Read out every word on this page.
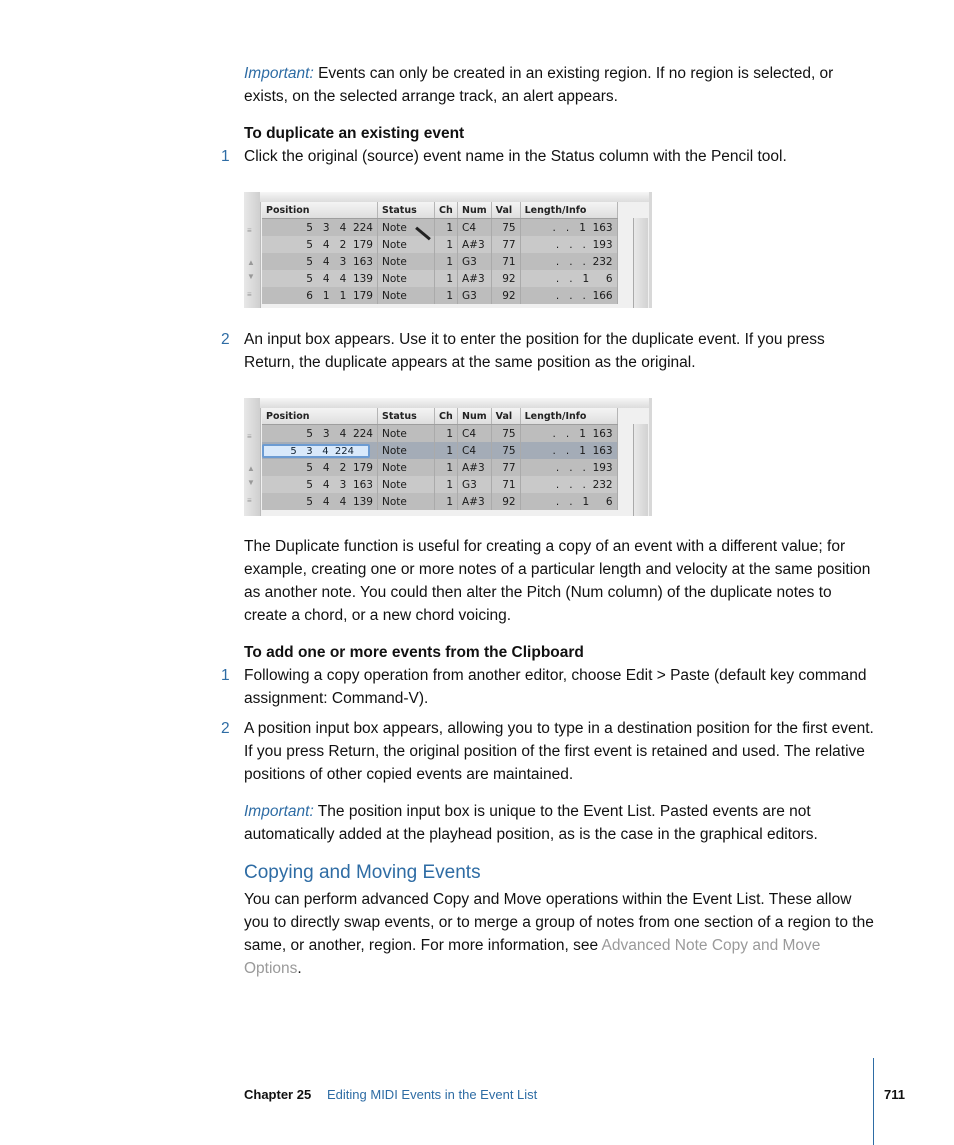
Important: Events can only be created in an existing region. If no region is selected, or exists, on the selected arrange track, an alert appears.

To duplicate an existing event

1 Click the original (source) event name in the Status column with the Pencil tool.

≡
▲
▼
≡
Position	Status	Ch	Num	Val	Length/Info
5   3   4  224	Note	1	C4	75	.   .   1  163
5   4   2  179	Note	1	A#3	77	.   .   .  193
5   4   3  163	Note	1	G3	71	.   .   .  232
5   4   4  139	Note	1	A#3	92	.   .   1     6
6   1   1  179	Note	1	G3	92	.   .   .  166
2 An input box appears. Use it to enter the position for the duplicate event. If you press Return, the duplicate appears at the same position as the original.

≡
▲
▼
≡
Position	Status	Ch	Num	Val	Length/Info
5   3   4  224	Note	1	C4	75	.   .   1  163
5   3   4  224	Note	1	C4	75	.   .   1  163
5   4   2  179	Note	1	A#3	77	.   .   .  193
5   4   3  163	Note	1	G3	71	.   .   .  232
5   4   4  139	Note	1	A#3	92	.   .   1     6

The Duplicate function is useful for creating a copy of an event with a different value; for example, creating one or more notes of a particular length and velocity at the same position as another note. You could then alter the Pitch (Num column) of the duplicate notes to create a chord, or a new chord voicing.

To add one or more events from the Clipboard

1 Following a copy operation from another editor, choose Edit > Paste (default key command assignment: Command-V).

2 A position input box appears, allowing you to type in a destination position for the first event. If you press Return, the original position of the first event is retained and used. The relative positions of other copied events are maintained.

Important: The position input box is unique to the Event List. Pasted events are not automatically added at the playhead position, as is the case in the graphical editors.

Copying and Moving Events

You can perform advanced Copy and Move operations within the Event List. These allow you to directly swap events, or to merge a group of notes from one section of a region to the same, or another, region. For more information, see Advanced Note Copy and Move Options.

Chapter 25 Editing MIDI Events in the Event List	711
